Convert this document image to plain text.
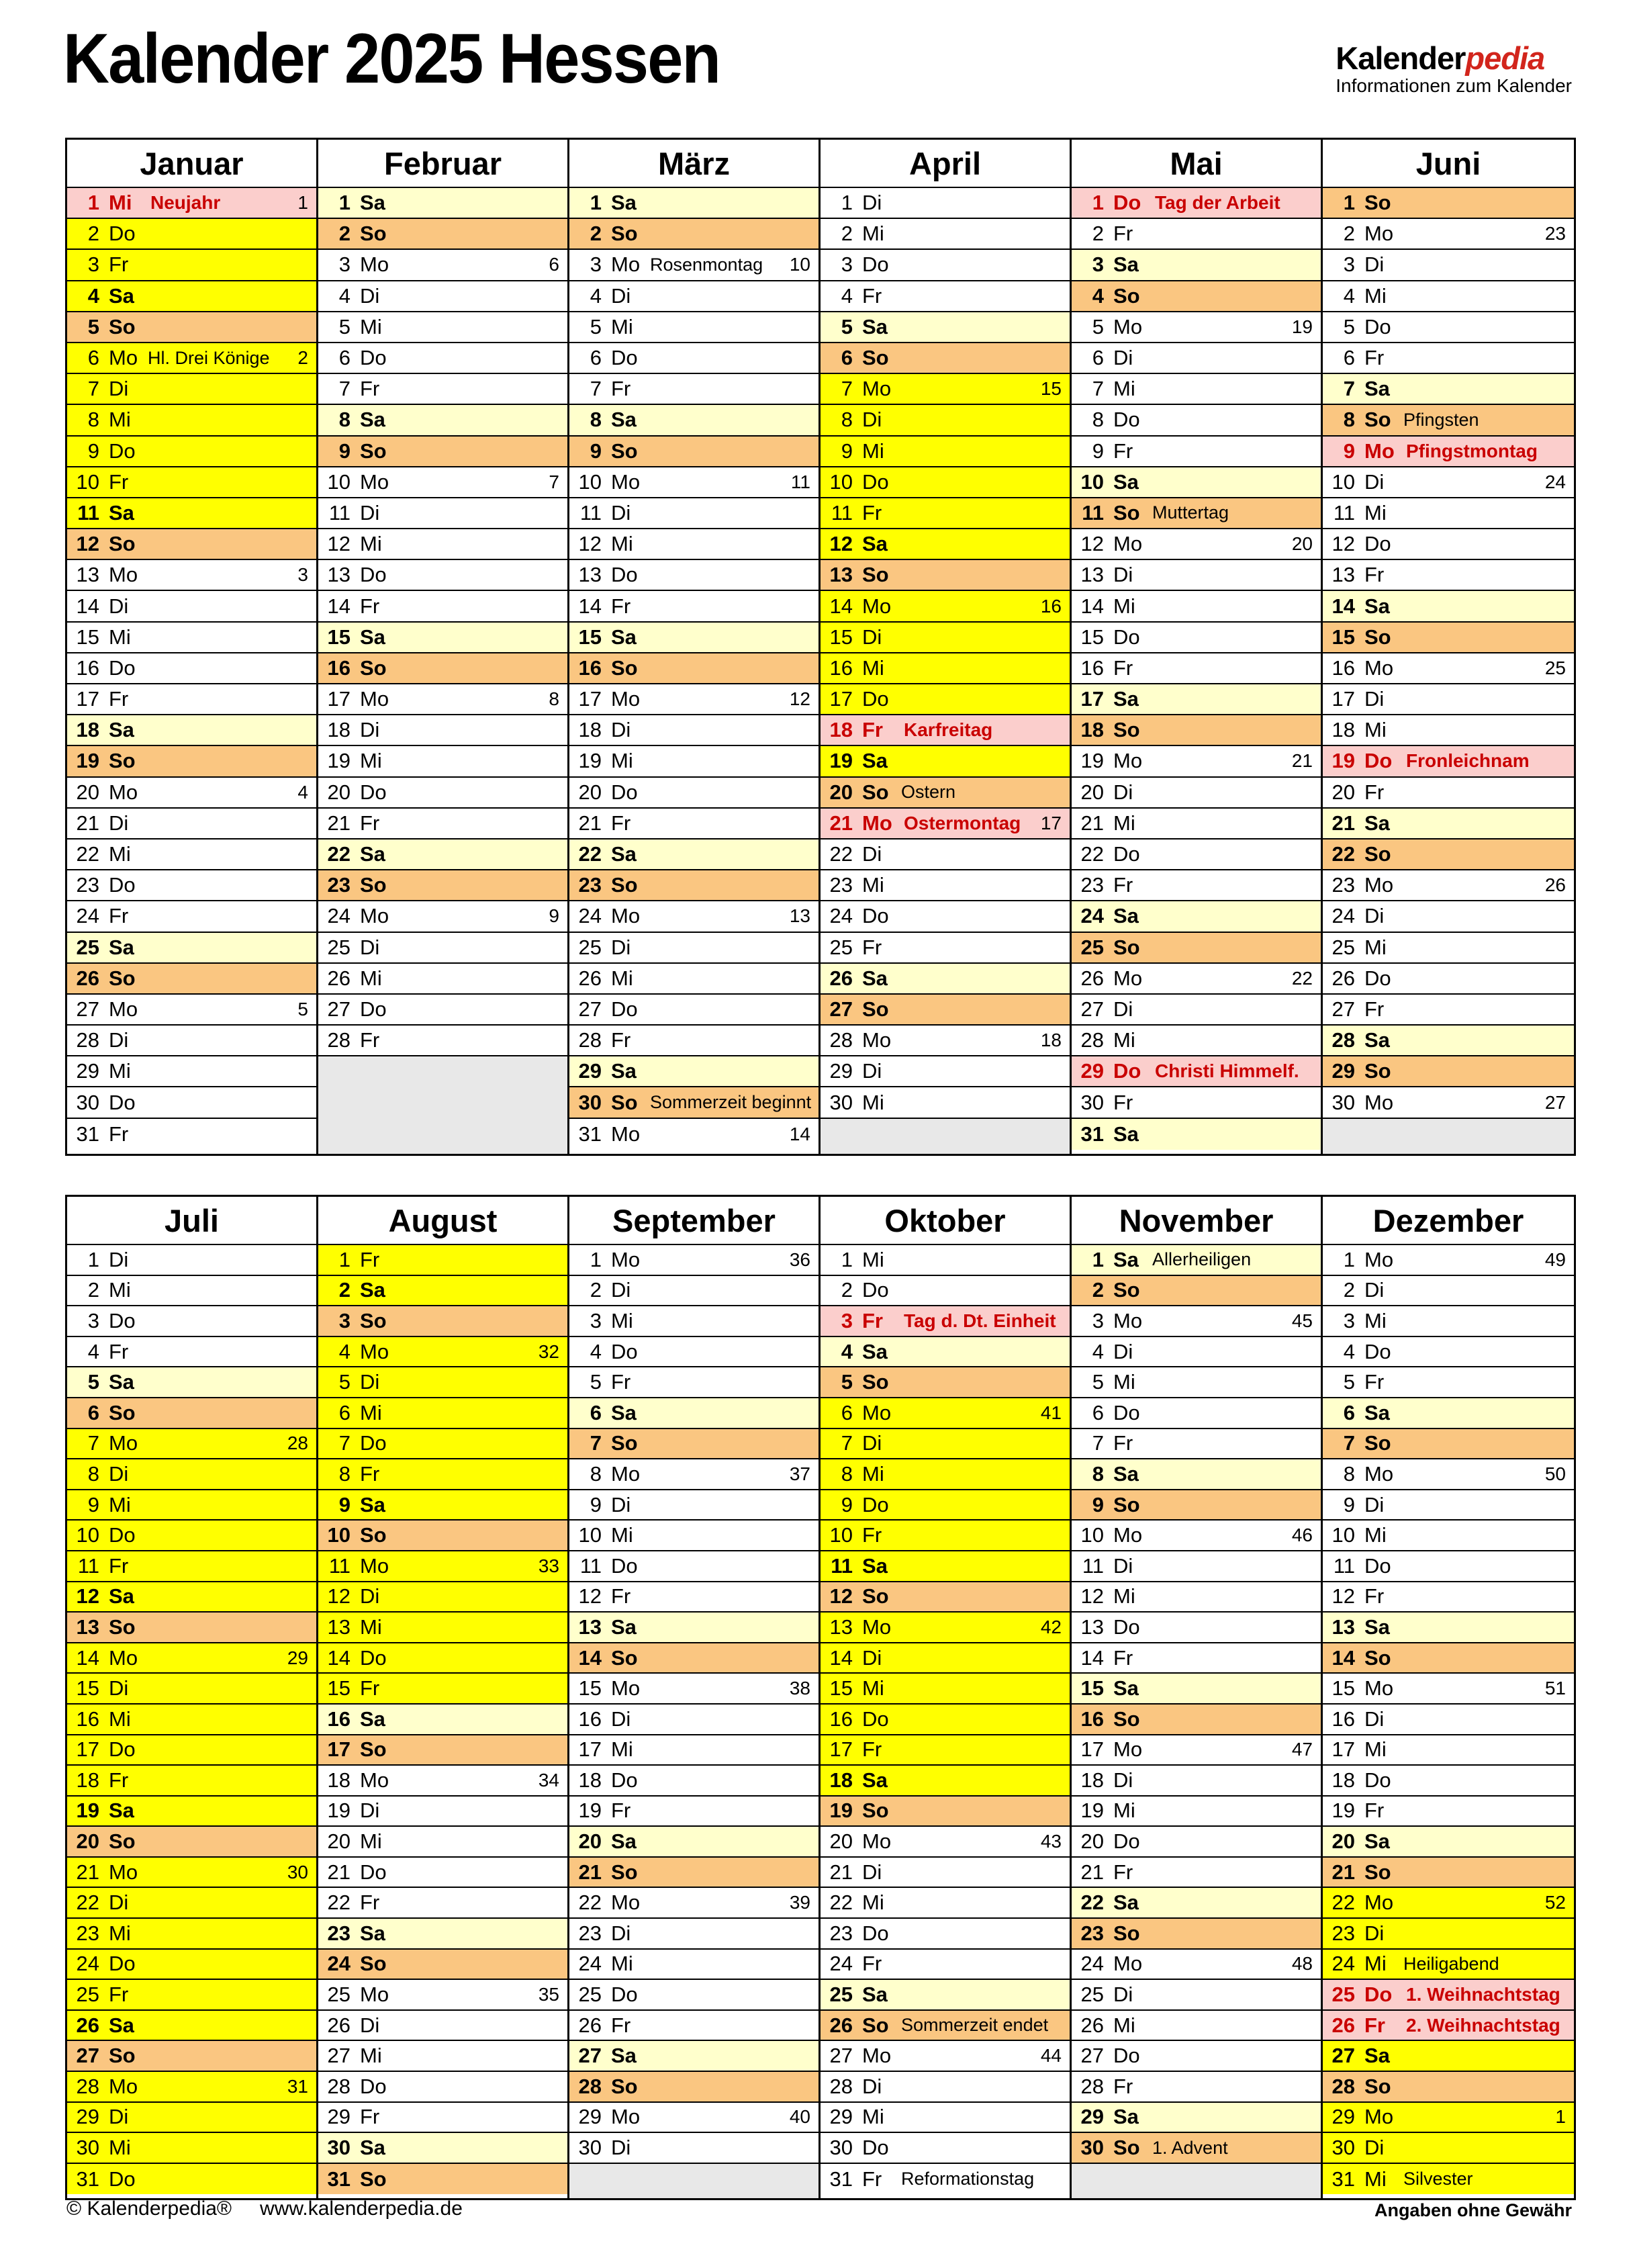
Kalender 2025 Hessen	Kalenderpedia
Informationen zum Kalender
Januar
1 Mi Neujahr	1
2 Do
3 Fr
4 Sa
5 So
6 Mo Hl. Drei Könige 2
7 Di
8 Mi
9 Do
10 Fr
11 Sa
12 So
13 Mo	3
14 Di
15 Mi
16 Do
17 Fr
18 Sa
19 So
20 Mo	4
21 Di
22 Mi
23 Do
24 Fr
25 Sa
26 So
27 Mo	5
28 Di
29 Mi
30 Do
31 Fr
Februar
1 Sa
2 So
3 Mo	6
4 Di
5 Mi
6 Do
7 Fr
8 Sa
9 So
10 Mo	7
11 Di
12 Mi
13 Do
14 Fr
15 Sa
16 So
17 Mo	8
18 Di
19 Mi
20 Do
21 Fr
22 Sa
23 So
24 Mo	9
25 Di
26 Mi
27 Do
28 Fr
März
1 Sa
2 So
3 Mo Rosenmontag 10
4 Di
5 Mi
6 Do
7 Fr
8 Sa
9 So
10 Mo	11
11 Di
12 Mi
13 Do
14 Fr
15 Sa
16 So
17 Mo	12
18 Di
19 Mi
20 Do
21 Fr
22 Sa
23 So
24 Mo	13
25 Di
26 Mi
27 Do
28 Fr
29 Sa
30 So Sommerzeit beginnt
31 Mo	14
April
1 Di
2 Mi
3 Do
4 Fr
5 Sa
6 So
7 Mo	15
8 Di
9 Mi
10 Do
11 Fr
12 Sa
13 So
14 Mo	16
15 Di
16 Mi
17 Do
18 Fr	Karfreitag
19 Sa
20 So Ostern
21 Mo Ostermontag 17
22 Di
23 Mi
24 Do
25 Fr
26 Sa
27 So
28 Mo	18
29 Di
30 Mi
Mai
1 Do Tag der Arbeit
2 Fr
3 Sa
4 So
5 Mo	19
6 Di
7 Mi
8 Do
9 Fr
10 Sa
11 So Muttertag
12 Mo	20
13 Di
14 Mi
15 Do
16 Fr
17 Sa
18 So
19 Mo	21
20 Di
21 Mi
22 Do
23 Fr
24 Sa
25 So
26 Mo	22
27 Di
28 Mi
29 Do Christi Himmelf.
30 Fr
31 Sa
Juni
1 So
2 Mo	23
3 Di
4 Mi
5 Do
6 Fr
7 Sa
8 So Pfingsten
9 Mo Pfingstmontag
10 Di	24
11 Mi
12 Do
13 Fr
14 Sa
15 So
16 Mo	25
17 Di
18 Mi
19 Do Fronleichnam
20 Fr
21 Sa
22 So
23 Mo	26
24 Di
25 Mi
26 Do
27 Fr
28 Sa
29 So
30 Mo	27
Juli
1 Di
2 Mi
3 Do
4 Fr
5 Sa
6 So
7 Mo	28
8 Di
9 Mi
10 Do
11 Fr
12 Sa
13 So
14 Mo	29
15 Di
16 Mi
17 Do
18 Fr
19 Sa
20 So
21 Mo	30
22 Di
23 Mi
24 Do
25 Fr
26 Sa
27 So
28 Mo	31
29 Di
30 Mi
31 Do
August
1 Fr
2 Sa
3 So
4 Mo	32
5 Di
6 Mi
7 Do
8 Fr
9 Sa
10 So
11 Mo	33
12 Di
13 Mi
14 Do
15 Fr
16 Sa
17 So
18 Mo	34
19 Di
20 Mi
21 Do
22 Fr
23 Sa
24 So
25 Mo	35
26 Di
27 Mi
28 Do
29 Fr
30 Sa
31 So
September
1 Mo	36
2 Di
3 Mi
4 Do
5 Fr
6 Sa
7 So
8 Mo	37
9 Di
10 Mi
11 Do
12 Fr
13 Sa
14 So
15 Mo	38
16 Di
17 Mi
18 Do
19 Fr
20 Sa
21 So
22 Mo	39
23 Di
24 Mi
25 Do
26 Fr
27 Sa
28 So
29 Mo	40
30 Di
Oktober
1 Mi
2 Do
3 Fr	Tag d. Dt. Einheit
4 Sa
5 So
6 Mo	41
7 Di
8 Mi
9 Do
10 Fr
11 Sa
12 So
13 Mo	42
14 Di
15 Mi
16 Do
17 Fr
18 Sa
19 So
20 Mo	43
21 Di
22 Mi
23 Do
24 Fr
25 Sa
26 So Sommerzeit endet
27 Mo	44
28 Di
29 Mi
30 Do
31 Fr	Reformationstag
November
1 Sa Allerheiligen
2 So
3 Mo	45
4 Di
5 Mi
6 Do
7 Fr
8 Sa
9 So
10 Mo	46
11 Di
12 Mi
13 Do
14 Fr
15 Sa
16 So
17 Mo	47
18 Di
19 Mi
20 Do
21 Fr
22 Sa
23 So
24 Mo	48
25 Di
26 Mi
27 Do
28 Fr
29 Sa
30 So 1. Advent
Dezember
1 Mo	49
2 Di
3 Mi
4 Do
5 Fr
6 Sa
7 So
8 Mo	50
9 Di
10 Mi
11 Do
12 Fr
13 Sa
14 So
15 Mo	51
16 Di
17 Mi
18 Do
19 Fr
20 Sa
21 So
22 Mo	52
23 Di
24 Mi Heiligabend
25 Do 1. Weihnachtstag
26 Fr	2. Weihnachtstag
27 Sa
28 So
29 Mo	1
30 Di
31 Mi Silvester
© Kalenderpedia® www.kalenderpedia.de	Angaben ohne Gewähr
